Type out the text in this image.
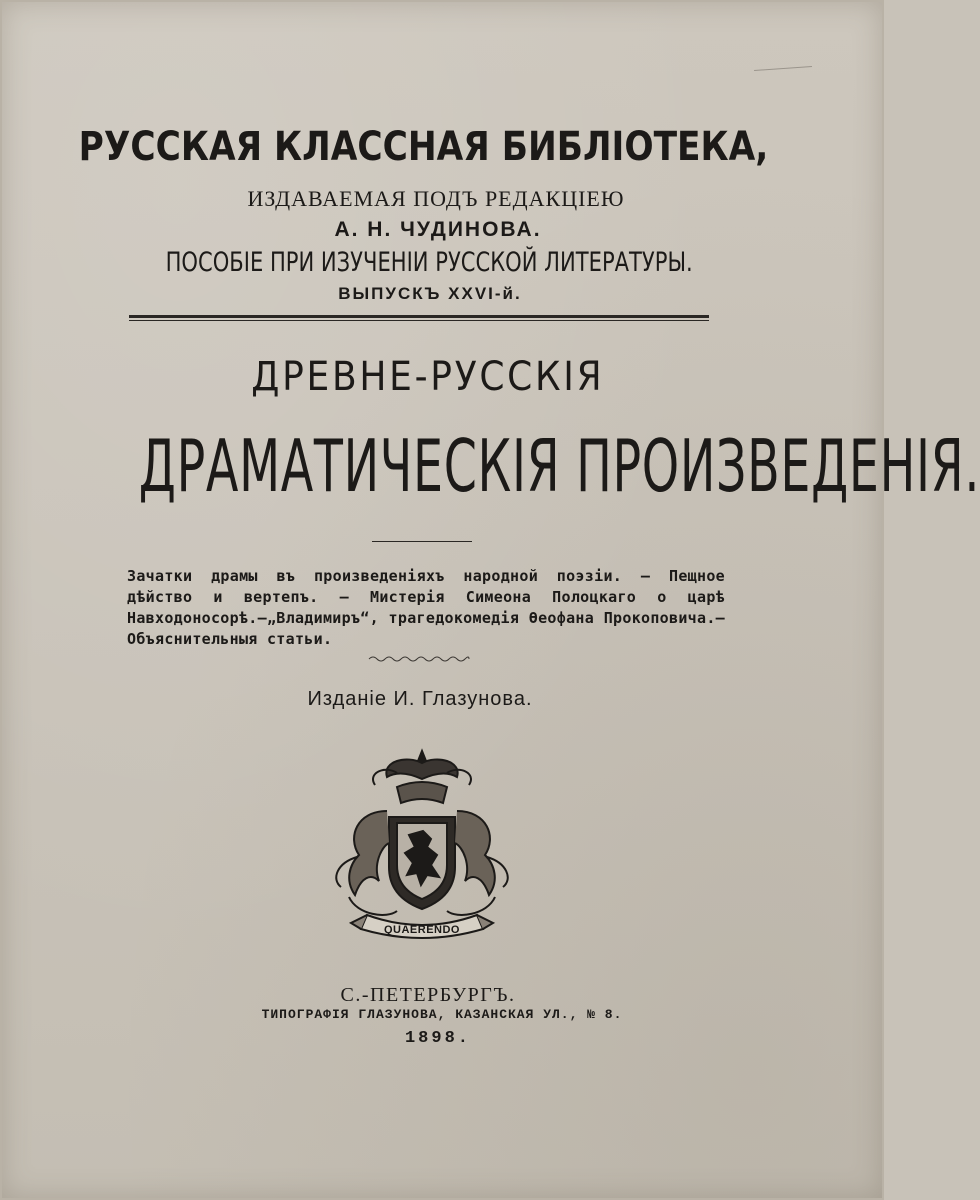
РУССКАЯ КЛАССНАЯ БИБЛIОТЕКА,
ИЗДАВАЕМАЯ ПОДЪ РЕДАКЦIЕЮ
А. Н. ЧУДИНОВА.
ПОСОБIЕ ПРИ ИЗУЧЕНIИ РУССКОЙ ЛИТЕРАТУРЫ.
ВЫПУСКЪ XXVI-й.
ДРЕВНЕ-РУССКIЯ
ДРАМАТИЧЕСКIЯ ПРОИЗВЕДЕНIЯ.
Зачатки драмы въ произведенiяхъ народной поэзiи. — Пещное дѣйство и вертепъ. — Мистерiя Симеона Полоцкаго о царѣ Навходоносорѣ.—„Владимиръ“, трагедокомедiя Өеофана Прокоповича.—Объяснительныя статьи.
Изданiе И. Глазунова.
QUAERENDO
С.-ПЕТЕРБУРГЪ.
ТИПОГРАФIЯ ГЛАЗУНОВА, КАЗАНСКАЯ УЛ., № 8.
1898.
